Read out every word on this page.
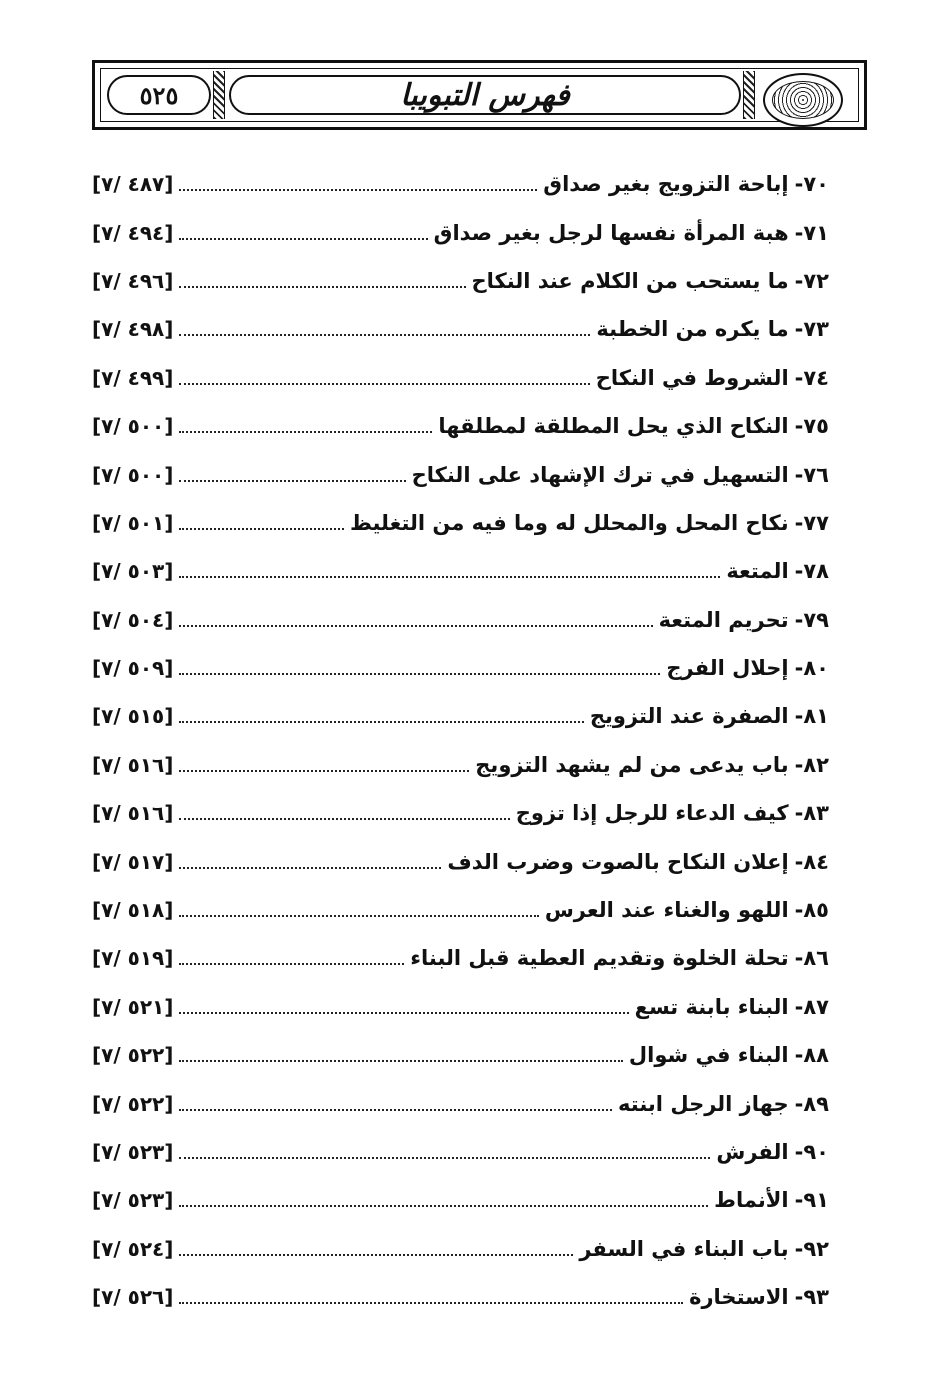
٥٢٥	فهرس التبويبا
٧٠-
إباحة التزويج بغير صداق
[٤٨٧ /٧]
٧١-
هبة المرأة نفسها لرجل بغير صداق
[٤٩٤ /٧]
٧٢-
ما يستحب من الكلام عند النكاح
[٤٩٦ /٧]
٧٣-
ما يكره من الخطبة
[٤٩٨ /٧]
٧٤-
الشروط في النكاح
[٤٩٩ /٧]
٧٥-
النكاح الذي يحل المطلقة لمطلقها
[٥٠٠ /٧]
٧٦-
التسهيل في ترك الإشهاد على النكاح
[٥٠٠ /٧]
٧٧-
نكاح المحل والمحلل له وما فيه من التغليظ
[٥٠١ /٧]
٧٨-
المتعة
[٥٠٣ /٧]
٧٩-
تحريم المتعة
[٥٠٤ /٧]
٨٠-
إحلال الفرج
[٥٠٩ /٧]
٨١-
الصفرة عند التزويج
[٥١٥ /٧]
٨٢-
باب يدعى من لم يشهد التزويج
[٥١٦ /٧]
٨٣-
كيف الدعاء للرجل إذا تزوج
[٥١٦ /٧]
٨٤-
إعلان النكاح بالصوت وضرب الدف
[٥١٧ /٧]
٨٥-
اللهو والغناء عند العرس
[٥١٨ /٧]
٨٦-
تحلة الخلوة وتقديم العطية قبل البناء
[٥١٩ /٧]
٨٧-
البناء بابنة تسع
[٥٢١ /٧]
٨٨-
البناء في شوال
[٥٢٢ /٧]
٨٩-
جهاز الرجل ابنته
[٥٢٢ /٧]
٩٠-
الفرش
[٥٢٣ /٧]
٩١-
الأنماط
[٥٢٣ /٧]
٩٢-
باب البناء في السفر
[٥٢٤ /٧]
٩٣-
الاستخارة
[٥٢٦ /٧]
